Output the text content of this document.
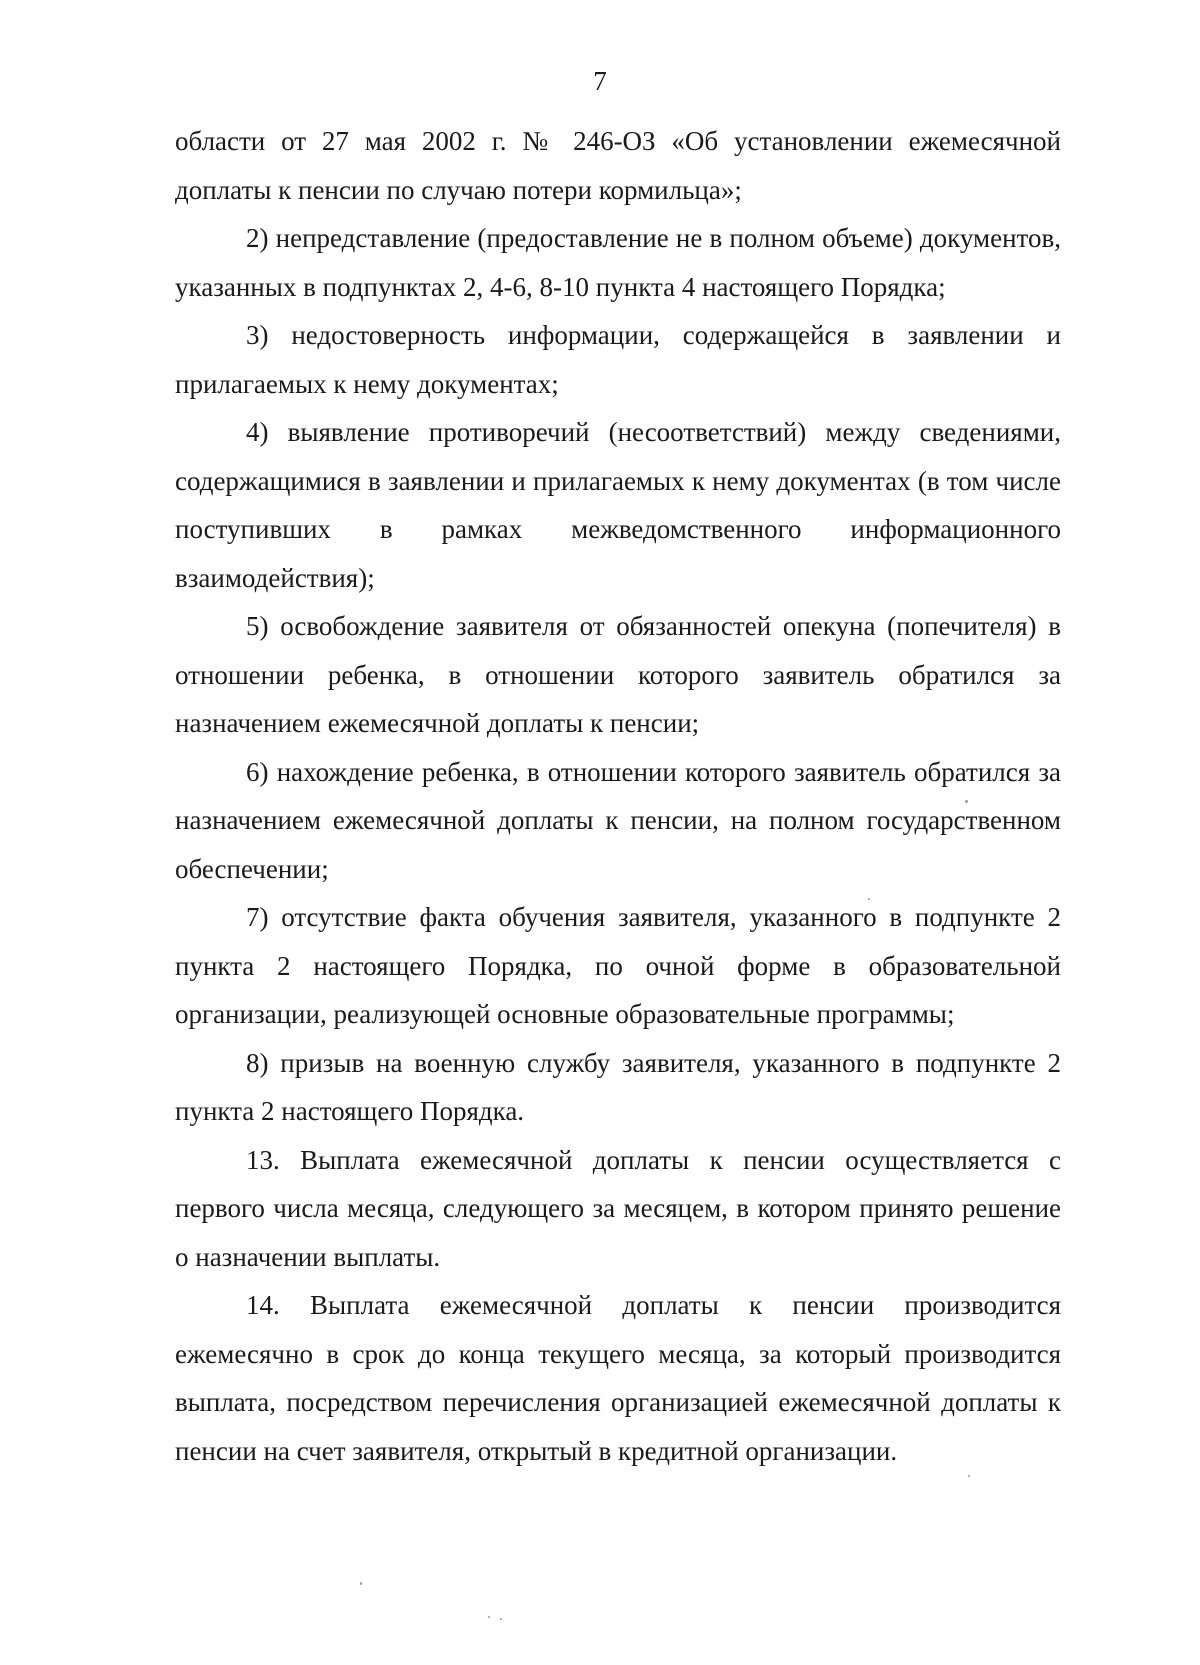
7

области от 27 мая 2002 г. № 246-ОЗ «Об установлении ежемесячной доплаты к пенсии по случаю потери кормильца»;

2) непредставление (предоставление не в полном объеме) документов, указанных в подпунктах 2, 4-6, 8-10 пункта 4 настоящего Порядка;

3) недостоверность информации, содержащейся в заявлении и прилагаемых к нему документах;

4) выявление противоречий (несоответствий) между сведениями, содержащимися в заявлении и прилагаемых к нему документах (в том числе поступивших в рамках межведомственного информационного взаимодействия);

5) освобождение заявителя от обязанностей опекуна (попечителя) в отношении ребенка, в отношении которого заявитель обратился за назначением ежемесячной доплаты к пенсии;

6) нахождение ребенка, в отношении которого заявитель обратился за назначением ежемесячной доплаты к пенсии, на полном государственном обеспечении;

7) отсутствие факта обучения заявителя, указанного в подпункте 2 пункта 2 настоящего Порядка, по очной форме в образовательной организации, реализующей основные образовательные программы;

8) призыв на военную службу заявителя, указанного в подпункте 2 пункта 2 настоящего Порядка.

13. Выплата ежемесячной доплаты к пенсии осуществляется с первого числа месяца, следующего за месяцем, в котором принято решение о назначении выплаты.

14. Выплата ежемесячной доплаты к пенсии производится ежемесячно в срок до конца текущего месяца, за который производится выплата, посредством перечисления организацией ежемесячной доплаты к пенсии на счет заявителя, открытый в кредитной организации.
